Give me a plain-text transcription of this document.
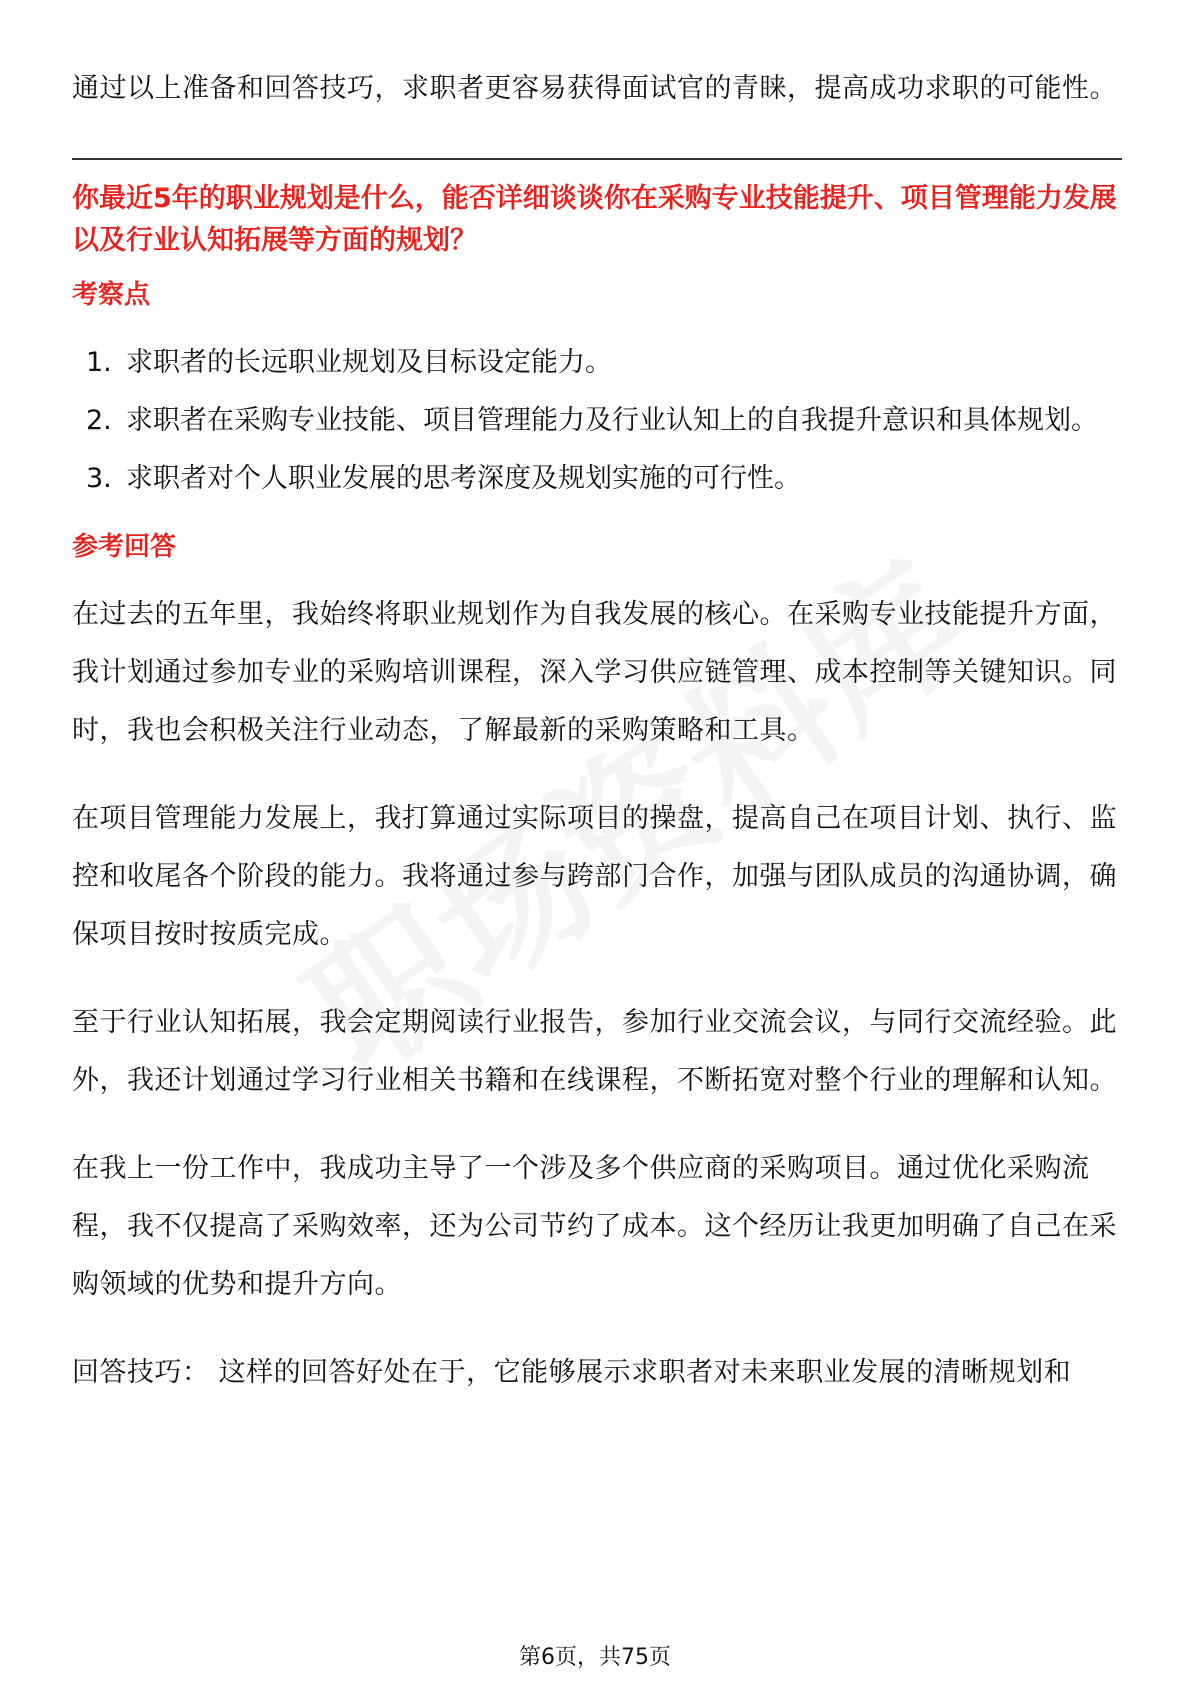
通过以上准备和回答技巧，求职者更容易获得面试官的青睐，提高成功求职的可能性。

你最近5年的职业规划是什么，能否详细谈谈你在采购专业技能提升、项目管理能力发展以及行业认知拓展等方面的规划？
考察点
1. 求职者的长远职业规划及目标设定能力。
2. 求职者在采购专业技能、项目管理能力及行业认知上的自我提升意识和具体规划。
3. 求职者对个人职业发展的思考深度及规划实施的可行性。
参考回答

在过去的五年里，我始终将职业规划作为自我发展的核心。在采购专业技能提升方面，我计划通过参加专业的采购培训课程，深入学习供应链管理、成本控制等关键知识。同时，我也会积极关注行业动态，了解最新的采购策略和工具。

在项目管理能力发展上，我打算通过实际项目的操盘，提高自己在项目计划、执行、监控和收尾各个阶段的能力。我将通过参与跨部门合作，加强与团队成员的沟通协调，确保项目按时按质完成。

至于行业认知拓展，我会定期阅读行业报告，参加行业交流会议，与同行交流经验。此外，我还计划通过学习行业相关书籍和在线课程，不断拓宽对整个行业的理解和认知。

在我上一份工作中，我成功主导了一个涉及多个供应商的采购项目。通过优化采购流程，我不仅提高了采购效率，还为公司节约了成本。这个经历让我更加明确了自己在采购领域的优势和提升方向。

回答技巧： 这样的回答好处在于，它能够展示求职者对未来职业发展的清晰规划和

第6页，共75页
